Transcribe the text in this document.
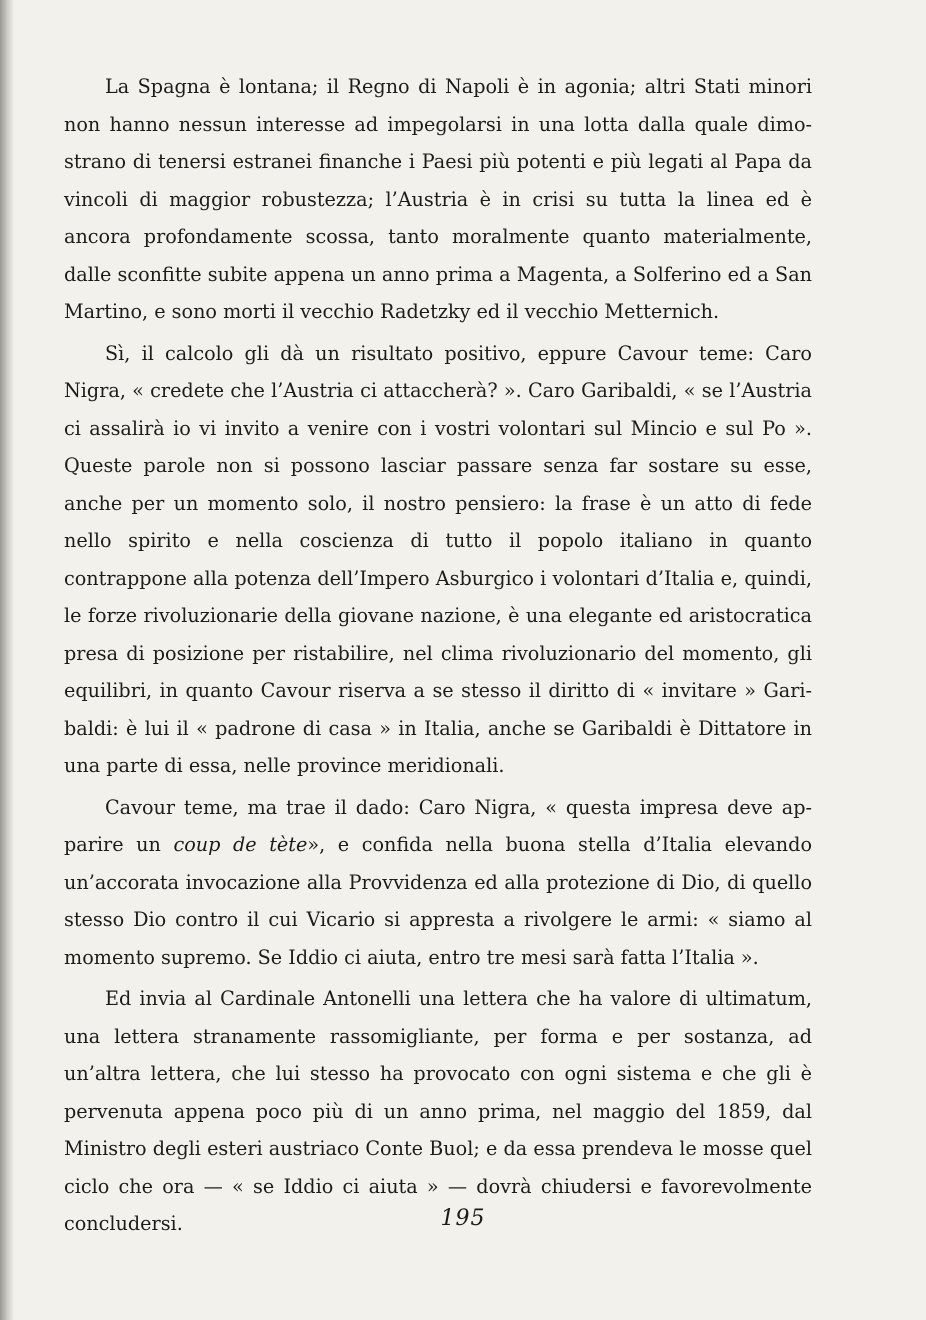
La Spagna è lontana; il Regno di Napoli è in agonia; altri Stati minori non hanno nessun interesse ad impegolarsi in una lotta dalla quale dimostrano di tenersi estranei finanche i Paesi più potenti e più legati al Papa da vincoli di maggior robustezza; l’Austria è in crisi su tutta la linea ed è ancora profondamente scossa, tanto moralmente quanto materialmente, dalle sconfitte subite appena un anno prima a Magenta, a Solferino ed a San Martino, e sono morti il vecchio Radetzky ed il vecchio Metternich.

Sì, il calcolo gli dà un risultato positivo, eppure Cavour teme: Caro Nigra, « credete che l’Austria ci attaccherà? ». Caro Garibaldi, « se l’Austria ci assalirà io vi invito a venire con i vostri volontari sul Mincio e sul Po ». Queste parole non si possono lasciar passare senza far sostare su esse, anche per un momento solo, il nostro pensiero: la frase è un atto di fede nello spirito e nella coscienza di tutto il popolo italiano in quanto contrappone alla potenza dell’Impero Asburgico i volontari d’Italia e, quindi, le forze rivoluzionarie della giovane nazione, è una elegante ed aristocratica presa di posizione per ristabilire, nel clima rivoluzionario del momento, gli equilibri, in quanto Cavour riserva a se stesso il diritto di « invitare » Garibaldi: è lui il « padrone di casa » in Italia, anche se Garibaldi è Dittatore in una parte di essa, nelle province meridionali.

Cavour teme, ma trae il dado: Caro Nigra, « questa impresa deve apparire un coup de tète», e confida nella buona stella d’Italia elevando un’accorata invocazione alla Provvidenza ed alla protezione di Dio, di quello stesso Dio contro il cui Vicario si appresta a rivolgere le armi: « siamo al momento supremo. Se Iddio ci aiuta, entro tre mesi sarà fatta l’Italia ».

Ed invia al Cardinale Antonelli una lettera che ha valore di ultimatum, una lettera stranamente rassomigliante, per forma e per sostanza, ad un’altra lettera, che lui stesso ha provocato con ogni sistema e che gli è pervenuta appena poco più di un anno prima, nel maggio del 1859, dal Ministro degli esteri austriaco Conte Buol; e da essa prendeva le mosse quel ciclo che ora — « se Iddio ci aiuta » — dovrà chiudersi e favorevolmente concludersi.	195
